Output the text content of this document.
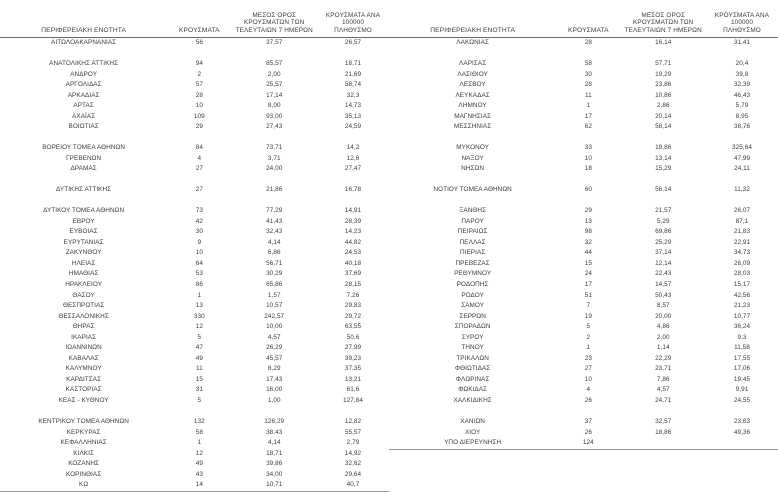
ΠΕΡΙΦΕΡΕΙΑΚΗ ΕΝΟΤΗΤΑ	ΚΡΟΥΣΜΑΤΑ

ΜΕΣΟΣ ΟΡΟΣ ΚΡΟΥΣΜΑΤΩΝ ΤΩΝ
ΤΕΛΕΥΤΑΙΩΝ 7 ΗΜΕΡΩΝ

ΚΡΟΥΣΜΑΤΑ ΑΝΑ 100000
ΠΛΗΘΥΣΜΟ

ΑΙΤΩΛΟΑΚΑΡΝΑΝΙΑΣ	56	37,57	26,57

ΑΝΑΤΟΛΙΚΗΣ ΑΤΤΙΚΗΣ	94	85,57	18,71
ΑΝΔΡΟΥ	2	2,00	21,69
ΑΡΓΟΛΙΔΑΣ	57	25,57	58,74
ΑΡΚΑΔΙΑΣ	28	17,14	32,3
ΑΡΤΑΣ	10	8,00	14,73
ΑΧΑΪΑΣ	109	93,00	35,13
ΒΟΙΩΤΙΑΣ	29	27,43	24,59

ΒΟΡΕΙΟΥ ΤΟΜΕΑ ΑΘΗΝΩΝ	84	73,71	14,2
ΓΡΕΒΕΝΩΝ	4	3,71	12,6
ΔΡΑΜΑΣ	27	24,00	27,47

ΔΥΤΙΚΗΣ ΑΤΤΙΚΗΣ	27	21,86	16,78

ΔΥΤΙΚΟΥ ΤΟΜΕΑ ΑΘΗΝΩΝ	73	77,29	14,91
ΕΒΡΟΥ	42	41,43	28,39
ΕΥΒΟΙΑΣ	30	32,43	14,23
ΕΥΡΥΤΑΝΙΑΣ	9	4,14	44,82
ΖΑΚΥΝΘΟΥ	10	6,86	24,53
ΗΛΕΙΑΣ	64	56,71	40,18
ΗΜΑΘΙΑΣ	53	30,29	37,69
ΗΡΑΚΛΕΙΟΥ	86	65,86	28,15
ΘΑΣΟΥ	1	1,57	7,26
ΘΕΣΠΡΩΤΙΑΣ	13	10,57	29,83
ΘΕΣΣΑΛΟΝΙΚΗΣ	330	242,57	29,72
ΘΗΡΑΣ	12	10,00	63,55
ΙΚΑΡΙΑΣ	5	4,57	50,6
ΙΩΑΝΝΙΝΩΝ	47	26,29	27,99
ΚΑΒΑΛΑΣ	49	45,57	39,23
ΚΑΛΥΜΝΟΥ	11	8,29	37,35
ΚΑΡΔΙΤΣΑΣ	15	17,43	13,21
ΚΑΣΤΟΡΙΑΣ	31	16,00	61,6
ΚΕΑΣ - ΚΥΘΝΟΥ	5	1,00	127,84

ΚΕΝΤΡΙΚΟΥ ΤΟΜΕΑ ΑΘΗΝΩΝ	132	126,29	12,82
ΚΕΡΚΥΡΑΣ	58	38,43	55,57
ΚΕΦΑΛΛΗΝΙΑΣ	1	4,14	2,79
ΚΙΛΚΙΣ	12	18,71	14,92
ΚΟΖΑΝΗΣ	49	39,86	32,62
ΚΟΡΙΝΘΙΑΣ	43	34,00	29,64
ΚΩ	14	10,71	40,7
ΠΕΡΙΦΕΡΕΙΑΚΗ ΕΝΟΤΗΤΑ	ΚΡΟΥΣΜΑΤΑ

ΜΕΣΟΣ ΟΡΟΣ ΚΡΟΥΣΜΑΤΩΝ ΤΩΝ
ΤΕΛΕΥΤΑΙΩΝ 7 ΗΜΕΡΩΝ

ΚΡΟΥΣΜΑΤΑ ΑΝΑ 100000
ΠΛΗΘΥΣΜΟ

ΛΑΚΩΝΙΑΣ	28	16,14	31,41

ΛΑΡΙΣΑΣ	58	57,71	20,4
ΛΑΣΙΘΙΟΥ	30	19,29	39,8
ΛΕΣΒΟΥ	28	23,86	32,39
ΛΕΥΚΑΔΑΣ	11	10,86	46,43
ΛΗΜΝΟΥ	1	2,86	5,79
ΜΑΓΝΗΣΙΑΣ	17	20,14	8,95
ΜΕΣΣΗΝΙΑΣ	62	58,14	38,76

ΜΥΚΟΝΟΥ	33	19,86	325,64
ΝΑΞΟΥ	10	13,14	47,99
ΝΗΣΩΝ	18	15,29	24,11

ΝΟΤΙΟΥ ΤΟΜΕΑ ΑΘΗΝΩΝ	60	56,14	11,32

ΞΑΝΘΗΣ	29	21,57	26,07
ΠΑΡΟΥ	13	5,29	87,1
ΠΕΙΡΑΙΩΣ	98	69,86	21,83
ΠΕΛΛΑΣ	32	25,29	22,91
ΠΙΕΡΙΑΣ	44	37,14	34,73
ΠΡΕΒΕΖΑΣ	15	12,14	26,09
ΡΕΘΥΜΝΟΥ	24	22,43	28,03
ΡΟΔΟΠΗΣ	17	14,57	15,17
ΡΟΔΟΥ	51	50,43	42,56
ΣΑΜΟΥ	7	8,57	21,23
ΣΕΡΡΩΝ	19	20,00	10,77
ΣΠΟΡΑΔΩΝ	5	4,86	36,24
ΣΥΡΟΥ	2	2,00	9,3
ΤΗΝΟΥ	1	1,14	11,58
ΤΡΙΚΑΛΩΝ	23	22,29	17,55
ΦΘΙΩΤΙΔΑΣ	27	23,71	17,06
ΦΛΩΡΙΝΑΣ	10	7,86	19,45
ΦΩΚΙΔΑΣ	4	4,57	9,91
ΧΑΛΚΙΔΙΚΗΣ	26	24,71	24,55

ΧΑΝΙΩΝ	37	32,57	23,63
ΧΙΟΥ	26	18,86	49,36
ΥΠΟ ΔΙΕΡΕΥΝΗΣΗ	124		
